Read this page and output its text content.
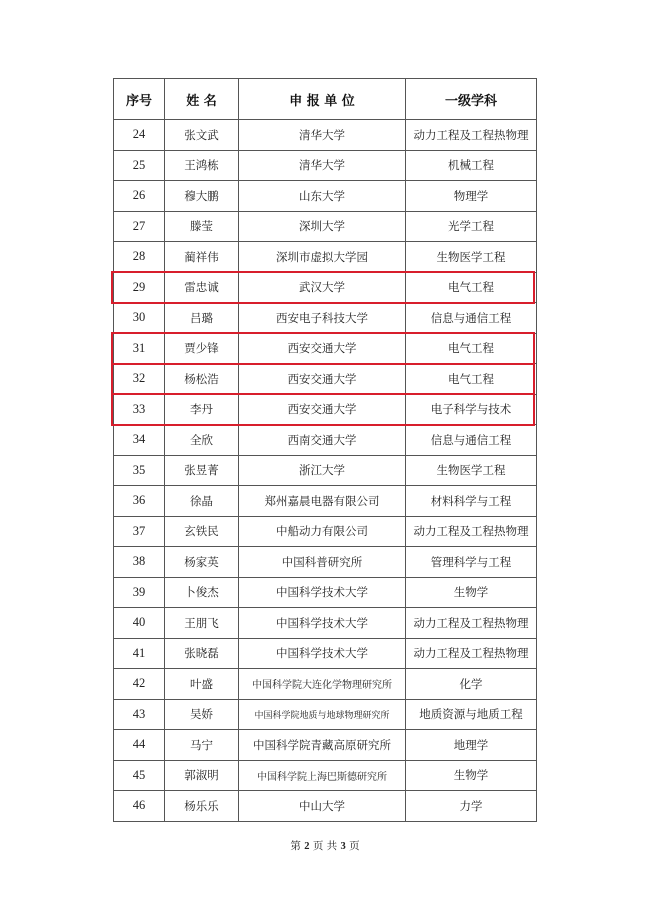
序号	姓 名	申 报 单 位	一级学科
24	张文武	清华大学	动力工程及工程热物理
25	王鸿栋	清华大学	机械工程
26	穆大鹏	山东大学	物理学
27	滕莹	深圳大学	光学工程
28	蔺祥伟	深圳市虚拟大学园	生物医学工程
29	雷忠诚	武汉大学	电气工程
30	吕璐	西安电子科技大学	信息与通信工程
31	贾少锋	西安交通大学	电气工程
32	杨松浩	西安交通大学	电气工程
33	李丹	西安交通大学	电子科学与技术
34	全欣	西南交通大学	信息与通信工程
35	张昱菁	浙江大学	生物医学工程
36	徐晶	郑州嘉晨电器有限公司	材料科学与工程
37	玄铁民	中船动力有限公司	动力工程及工程热物理
38	杨家英	中国科普研究所	管理科学与工程
39	卜俊杰	中国科学技术大学	生物学
40	王朋飞	中国科学技术大学	动力工程及工程热物理
41	张晓磊	中国科学技术大学	动力工程及工程热物理
42	叶盛	中国科学院大连化学物理研究所	化学
43	吴娇	中国科学院地质与地球物理研究所	地质资源与地质工程
44	马宁	中国科学院青藏高原研究所	地理学
45	郭淑明	中国科学院上海巴斯德研究所	生物学
46	杨乐乐	中山大学	力学
第 2 页 共 3 页
